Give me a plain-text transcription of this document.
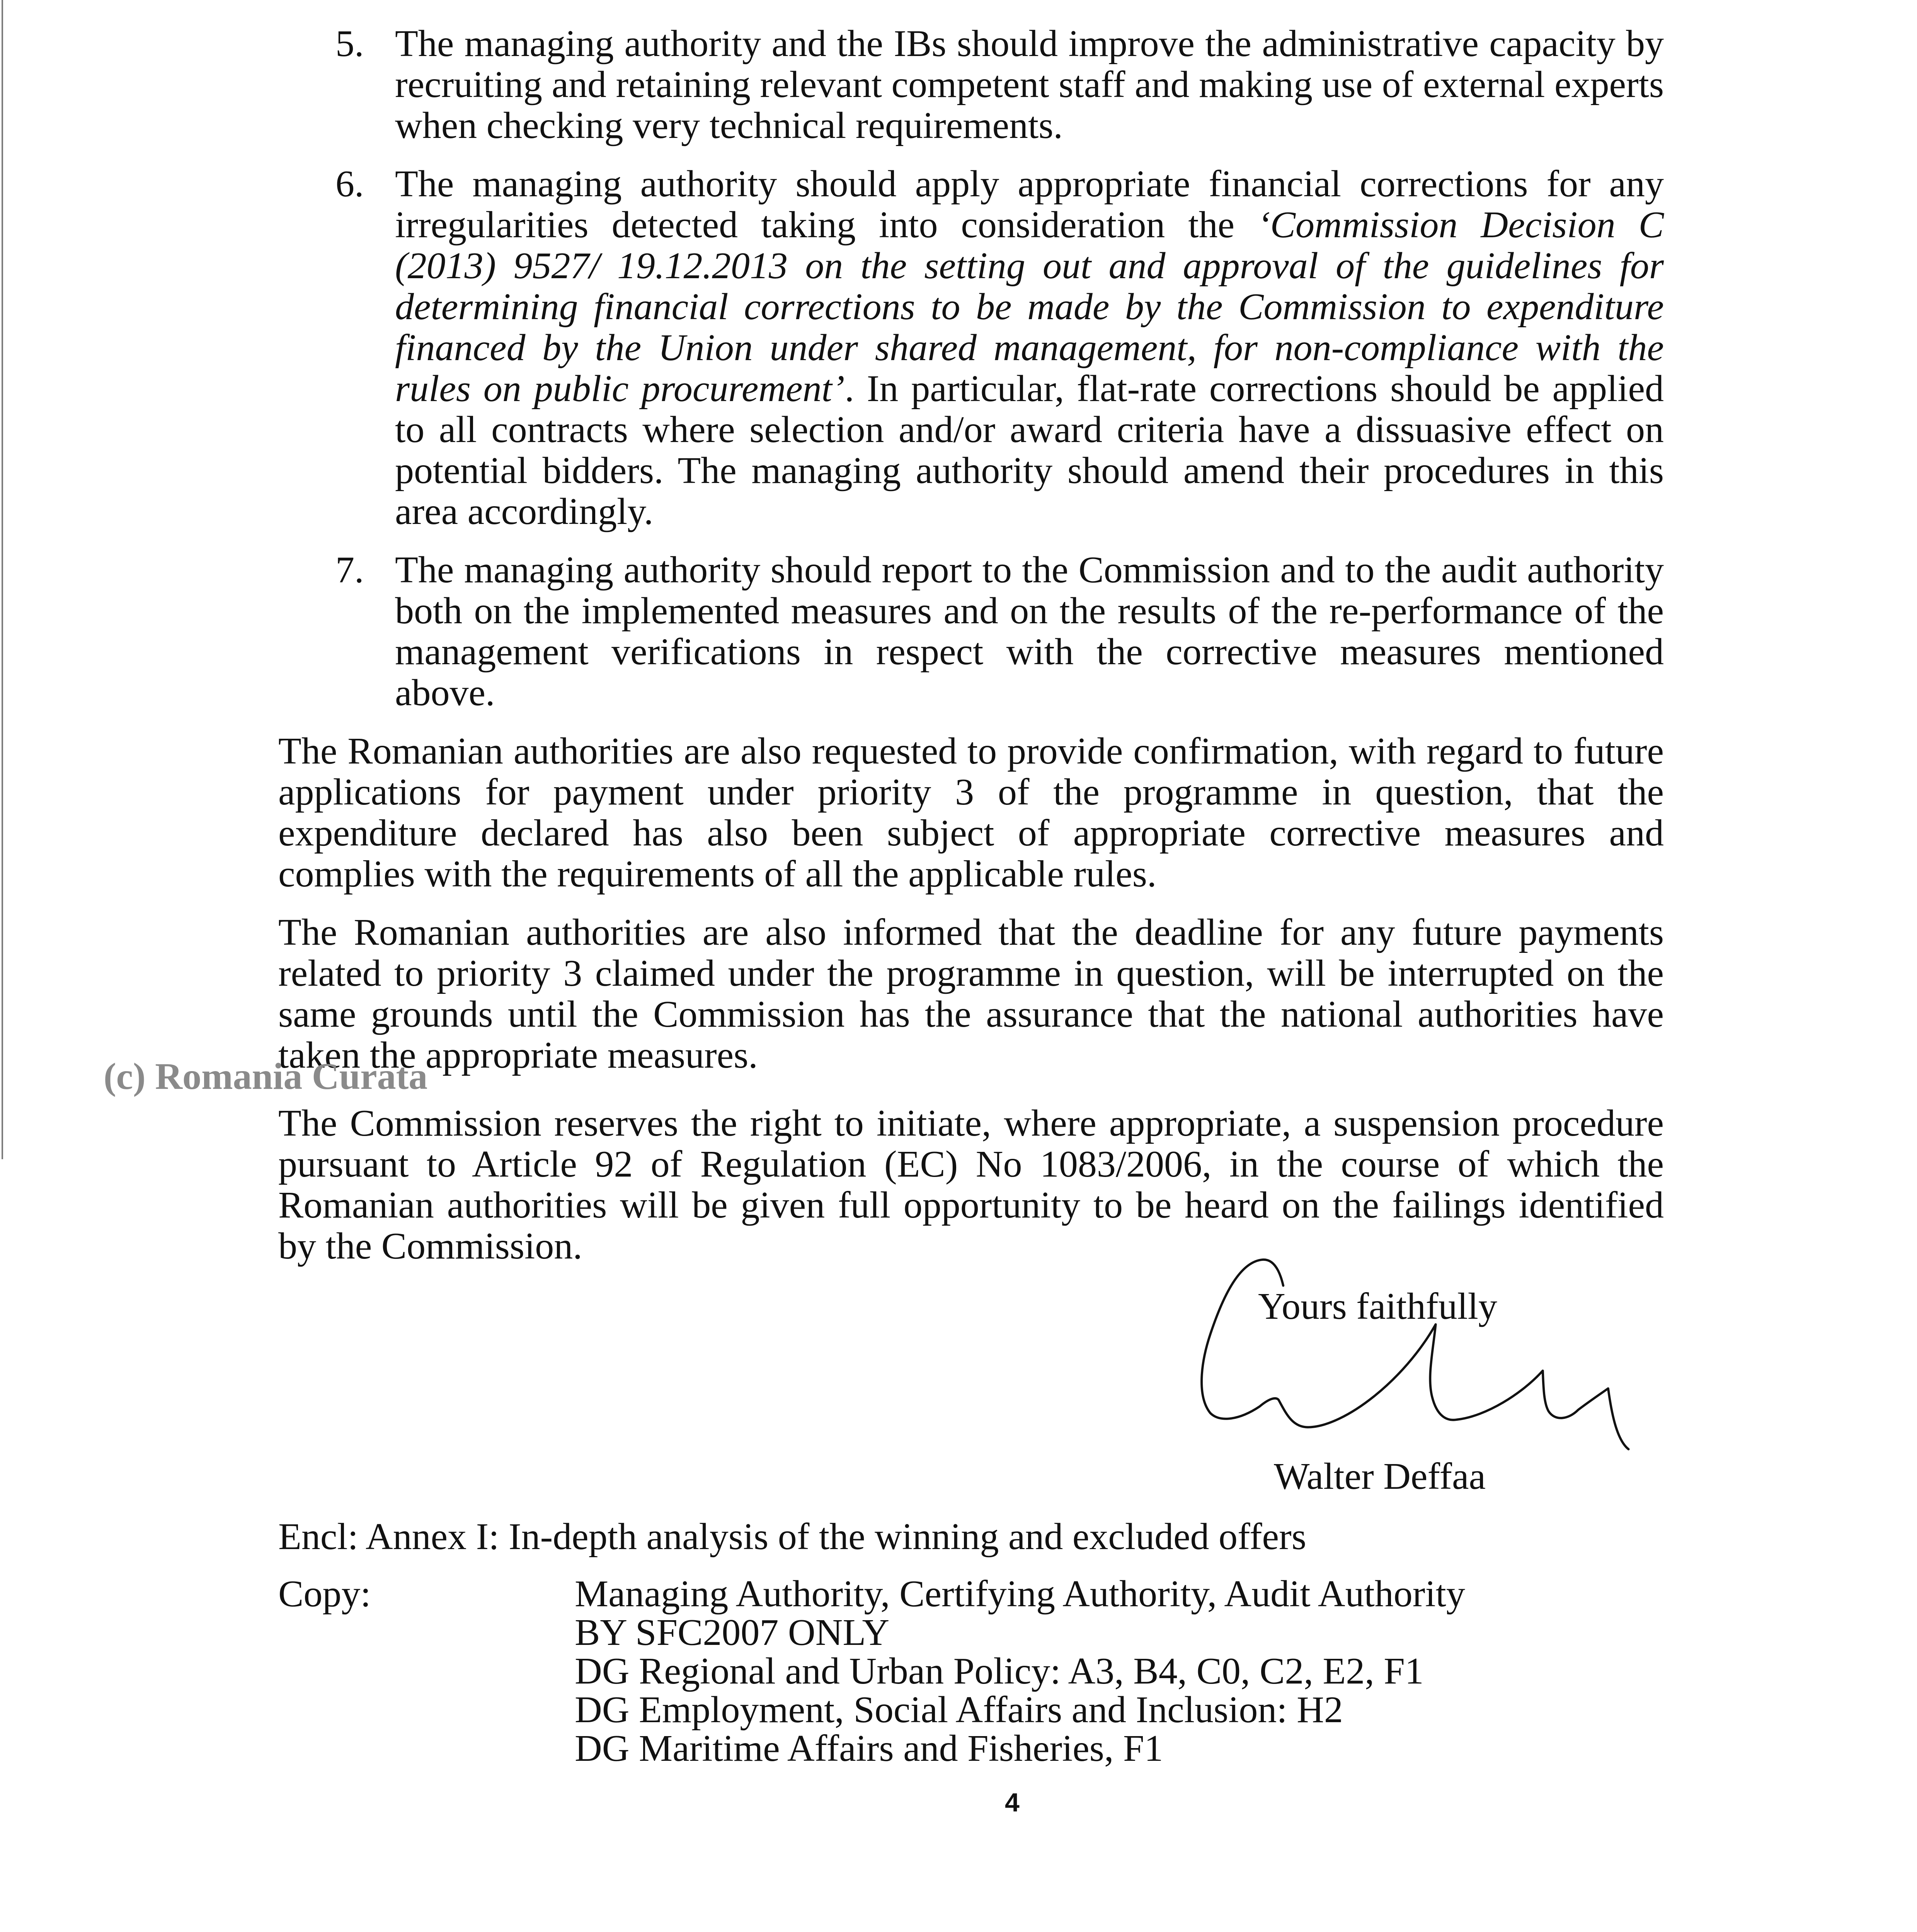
5. The managing authority and the IBs should improve the administrative capacity by recruiting and retaining relevant competent staff and making use of external experts when checking very technical requirements.
6. The managing authority should apply appropriate financial corrections for any irregularities detected taking into consideration the ‘Commission Decision C (2013) 9527/ 19.12.2013 on the setting out and approval of the guidelines for determining financial corrections to be made by the Commission to expenditure financed by the Union under shared management, for non-compliance with the rules on public procurement’. In particular, flat-rate corrections should be applied to all contracts where selection and/or award criteria have a dissuasive effect on potential bidders. The managing authority should amend their procedures in this area accordingly.
7. The managing authority should report to the Commission and to the audit authority both on the implemented measures and on the results of the re-performance of the management verifications in respect with the corrective measures mentioned above.
The Romanian authorities are also requested to provide confirmation, with regard to future applications for payment under priority 3 of the programme in question, that the expenditure declared has also been subject of appropriate corrective measures and complies with the requirements of all the applicable rules.
The Romanian authorities are also informed that the deadline for any future payments related to priority 3 claimed under the programme in question, will be interrupted on the same grounds until the Commission has the assurance that the national authorities have taken the appropriate measures.
(c) Romania Curata
The Commission reserves the right to initiate, where appropriate, a suspension procedure pursuant to Article 92 of Regulation (EC) No 1083/2006, in the course of which the Romanian authorities will be given full opportunity to be heard on the failings identified by the Commission.
Yours faithfully
Walter Deffaa
Encl: Annex I: In-depth analysis of the winning and excluded offers
Copy:	Managing Authority, Certifying Authority, Audit Authority
BY SFC2007 ONLY
DG Regional and Urban Policy: A3, B4, C0, C2, E2, F1
DG Employment, Social Affairs and Inclusion: H2
DG Maritime Affairs and Fisheries, F1
4
